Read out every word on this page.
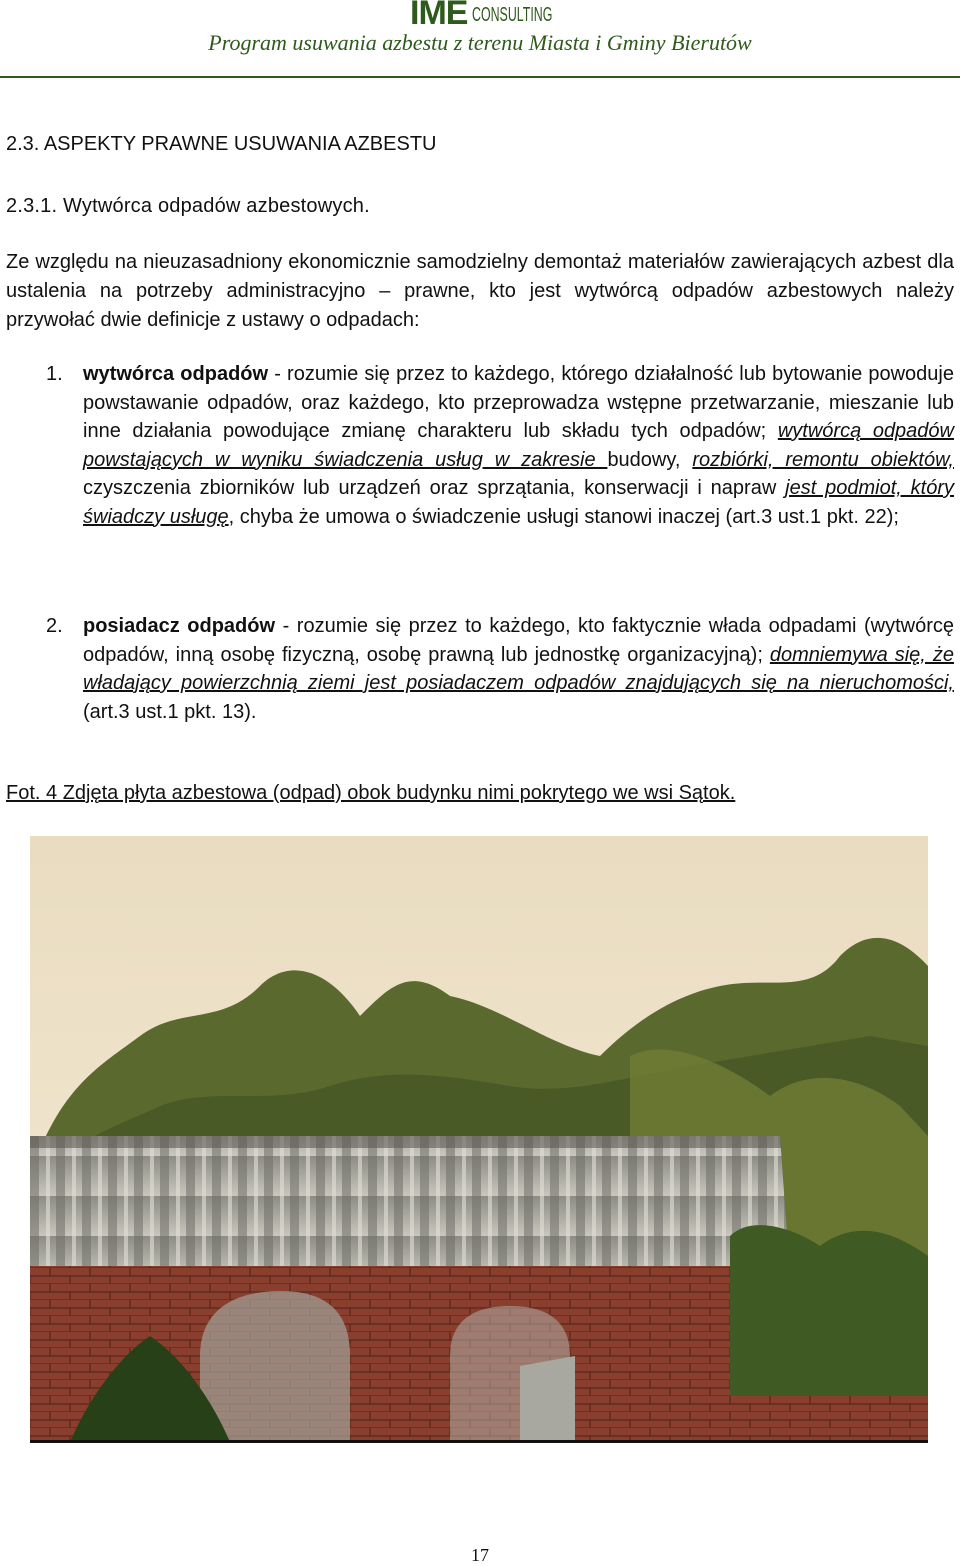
IME CONSULTING
Program usuwania azbestu z terenu Miasta i Gminy Bierutów
2.3. ASPEKTY PRAWNE USUWANIA AZBESTU
2.3.1. Wytwórca odpadów azbestowych.
Ze względu na nieuzasadniony ekonomicznie samodzielny demontaż materiałów zawierających azbest dla ustalenia na potrzeby administracyjno – prawne, kto jest wytwórcą odpadów azbestowych należy przywołać dwie definicje z ustawy o odpadach:
1. wytwórca odpadów - rozumie się przez to każdego, którego działalność lub bytowanie powoduje powstawanie odpadów, oraz każdego, kto przeprowadza wstępne przetwarzanie, mieszanie lub inne działania powodujące zmianę charakteru lub składu tych odpadów; wytwórcą odpadów powstających w wyniku świadczenia usług w zakresie budowy, rozbiórki, remontu obiektów, czyszczenia zbiorników lub urządzeń oraz sprzątania, konserwacji i napraw jest podmiot, który świadczy usługę, chyba że umowa o świadczenie usługi stanowi inaczej (art.3 ust.1 pkt. 22);
2. posiadacz odpadów - rozumie się przez to każdego, kto faktycznie włada odpadami (wytwórcę odpadów, inną osobę fizyczną, osobę prawną lub jednostkę organizacyjną); domniemywa się, że władający powierzchnią ziemi jest posiadaczem odpadów znajdujących się na nieruchomości, (art.3 ust.1 pkt. 13).
Fot. 4 Zdjęta płyta azbestowa (odpad) obok budynku nimi pokrytego we wsi Sątok.
17
